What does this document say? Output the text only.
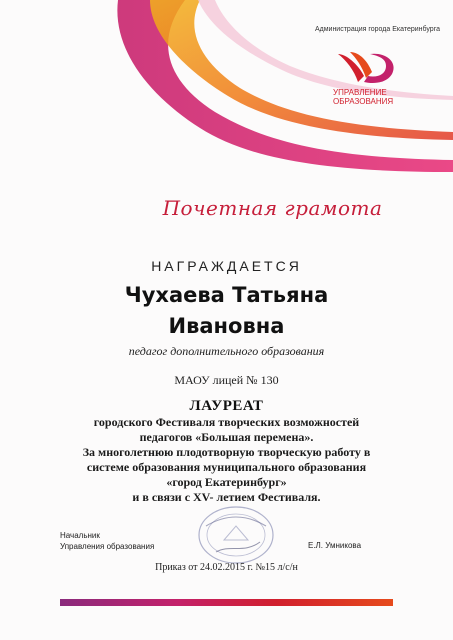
Администрация города Екатеринбурга
УПРАВЛЕНИЕ
ОБРАЗОВАНИЯ
Почетная грамота
НАГРАЖДАЕТСЯ
Чухаева Татьяна
Ивановна
педагог дополнительного образования
МАОУ лицей № 130
ЛАУРЕАТ
городского Фестиваля творческих возможностей
педагогов «Большая перемена».
За многолетнюю плодотворную творческую работу в
системе образования муниципального образования
«город Екатеринбург»
и в связи с XV- летием Фестиваля.
Начальник
Управления образования	Е.Л. Умникова
Приказ от 24.02.2015 г. №15 л/с/н
